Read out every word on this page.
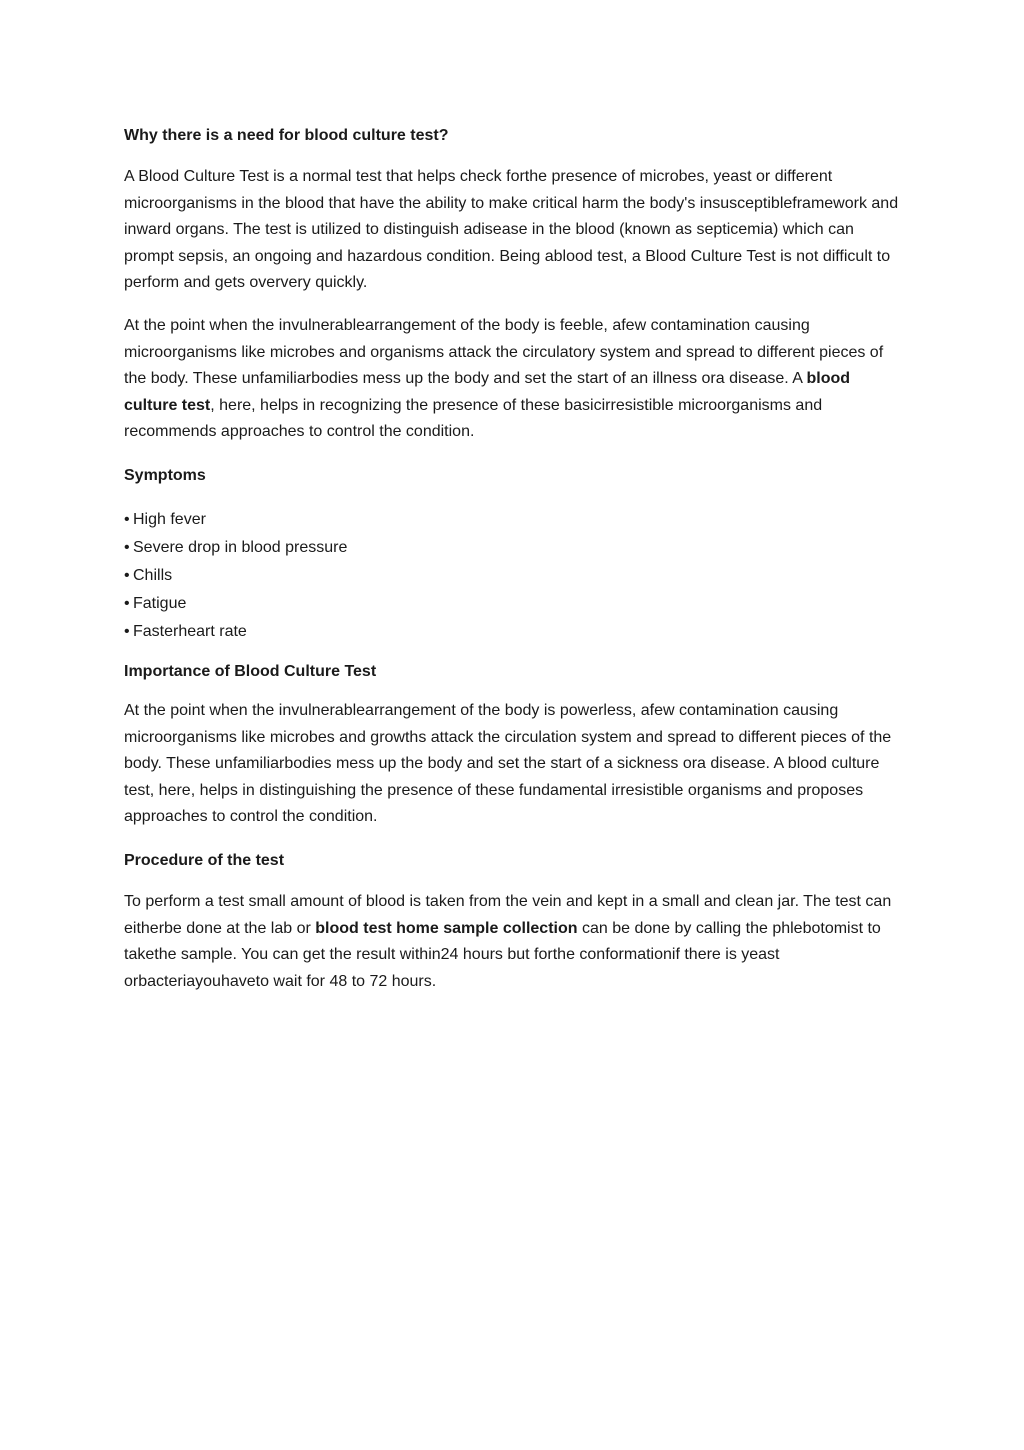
Why there is a need for blood culture test?

A Blood Culture Test is a normal test that helps check forthe presence of microbes, yeast or different microorganisms in the blood that have the ability to make critical harm the body's insusceptibleframework and inward organs. The test is utilized to distinguish adisease in the blood (known as septicemia) which can prompt sepsis, an ongoing and hazardous condition. Being ablood test, a Blood Culture Test is not difficult to perform and gets oververy quickly.

At the point when the invulnerablearrangement of the body is feeble, afew contamination causing microorganisms like microbes and organisms attack the circulatory system and spread to different pieces of the body. These unfamiliarbodies mess up the body and set the start of an illness ora disease. A blood culture test, here, helps in recognizing the presence of these basicirresistible microorganisms and recommends approaches to control the condition.

Symptoms

• High fever
• Severe drop in blood pressure
• Chills
• Fatigue
• Fasterheart rate

Importance of Blood Culture Test

At the point when the invulnerablearrangement of the body is powerless, afew contamination causing microorganisms like microbes and growths attack the circulation system and spread to different pieces of the body. These unfamiliarbodies mess up the body and set the start of a sickness ora disease. A blood culture test, here, helps in distinguishing the presence of these fundamental irresistible organisms and proposes approaches to control the condition.

Procedure of the test

To perform a test small amount of blood is taken from the vein and kept in a small and clean jar. The test can eitherbe done at the lab or blood test home sample collection can be done by calling the phlebotomist to takethe sample. You can get the result within24 hours but forthe conformationif there is yeast orbacteriayouhaveto wait for 48 to 72 hours.
